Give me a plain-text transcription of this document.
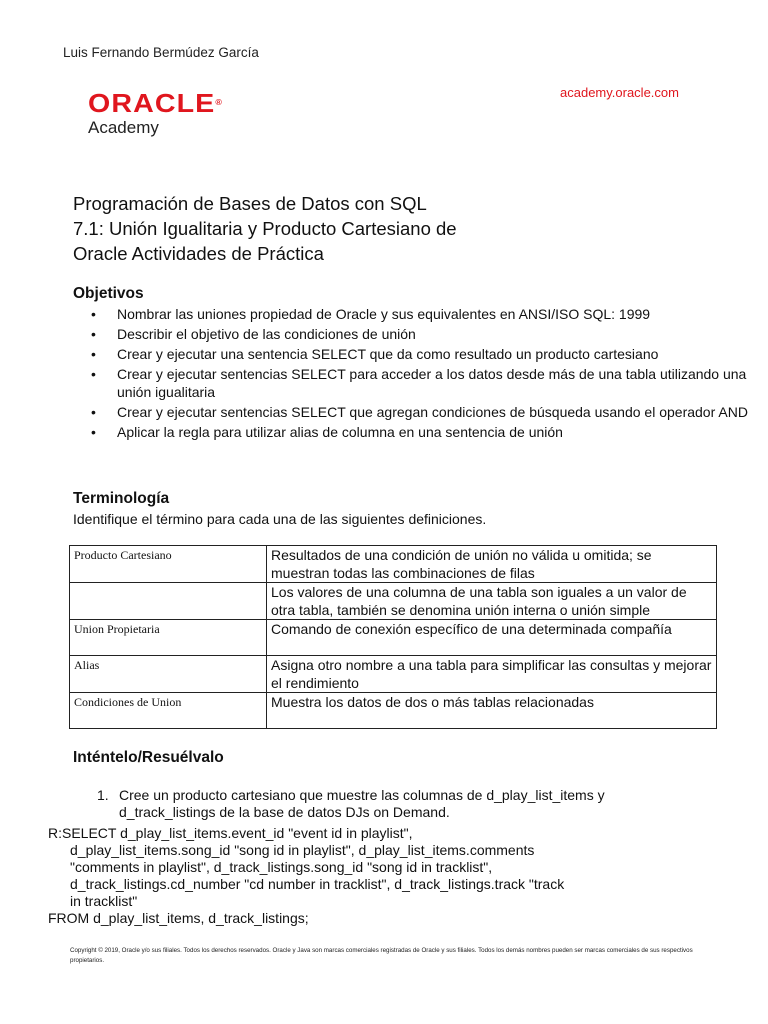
Luis Fernando Bermúdez García
ORACLE®
Academy
academy.oracle.com
Programación de Bases de Datos con SQL
7.1: Unión Igualitaria y Producto Cartesiano de
Oracle Actividades de Práctica
Objetivos
• Nombrar las uniones propiedad de Oracle y sus equivalentes en ANSI/ISO SQL: 1999
• Describir el objetivo de las condiciones de unión
• Crear y ejecutar una sentencia SELECT que da como resultado un producto cartesiano
• Crear y ejecutar sentencias SELECT para acceder a los datos desde más de una tabla utilizando una unión igualitaria
• Crear y ejecutar sentencias SELECT que agregan condiciones de búsqueda usando el operador AND
• Aplicar la regla para utilizar alias de columna en una sentencia de unión
Terminología
Identifique el término para cada una de las siguientes definiciones.
Producto Cartesiano	Resultados de una condición de unión no válida u omitida; se muestran todas las combinaciones de filas
	Los valores de una columna de una tabla son iguales a un valor de otra tabla, también se denomina unión interna o unión simple
Union Propietaria	Comando de conexión específico de una determinada compañía
Alias	Asigna otro nombre a una tabla para simplificar las consultas y mejorar el rendimiento
Condiciones de Union	Muestra los datos de dos o más tablas relacionadas
Inténtelo/Resuélvalo
1. Cree un producto cartesiano que muestre las columnas de d_play_list_items y d_track_listings de la base de datos DJs on Demand.
R:SELECT d_play_list_items.event_id "event id in playlist",
d_play_list_items.song_id "song id in playlist", d_play_list_items.comments
"comments in playlist", d_track_listings.song_id "song id in tracklist",
d_track_listings.cd_number "cd number in tracklist", d_track_listings.track "track
in tracklist"
FROM d_play_list_items, d_track_listings;
Copyright © 2019, Oracle y/o sus filiales. Todos los derechos reservados. Oracle y Java son marcas comerciales registradas de Oracle y sus filiales. Todos los demás nombres pueden ser marcas comerciales de sus respectivos propietarios.
